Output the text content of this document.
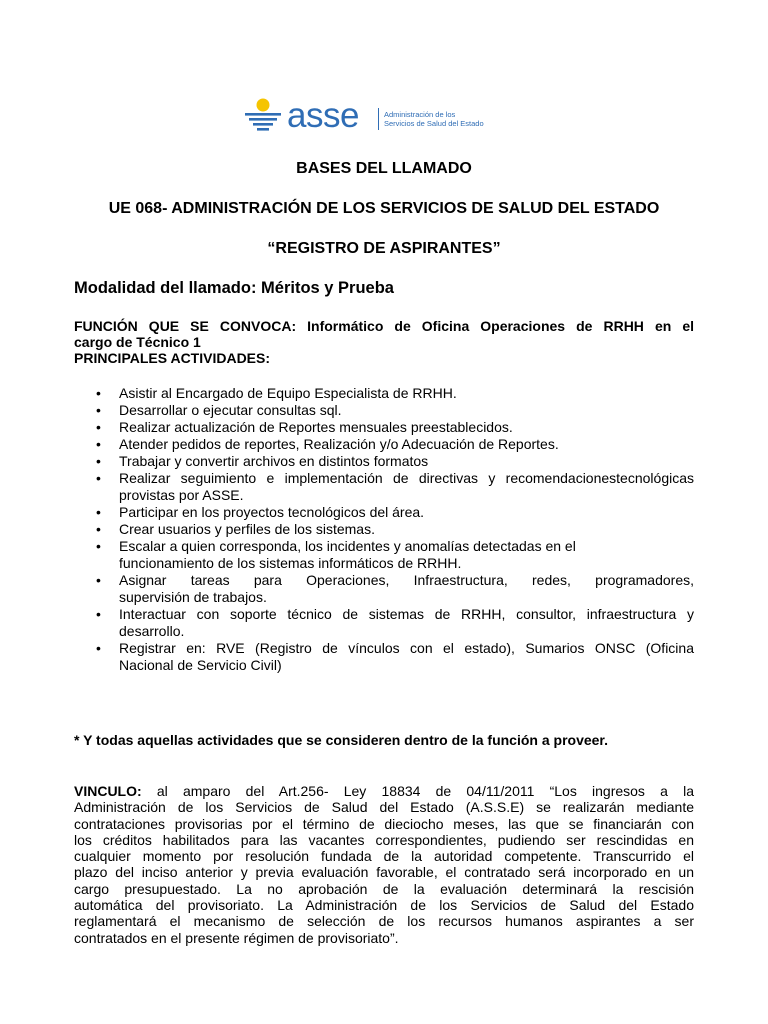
asse	Administración de los
Servicios de Salud del Estado
BASES DEL LLAMADO
UE 068- ADMINISTRACIÓN DE LOS SERVICIOS DE SALUD DEL ESTADO
“REGISTRO DE ASPIRANTES”
Modalidad del llamado: Méritos y Prueba
FUNCIÓN QUE SE CONVOCA: Informático de Oficina Operaciones de RRHH en el
cargo de Técnico 1
PRINCIPALES ACTIVIDADES:
• Asistir al Encargado de Equipo Especialista de RRHH.
• Desarrollar o ejecutar consultas sql.
• Realizar actualización de Reportes mensuales preestablecidos.
• Atender pedidos de reportes, Realización y/o Adecuación de Reportes.
• Trabajar y convertir archivos en distintos formatos
• Realizar seguimiento e implementación de directivas y recomendacionestecnológicas provistas por ASSE.
• Participar en los proyectos tecnológicos del área.
• Crear usuarios y perfiles de los sistemas.
• Escalar a quien corresponda, los incidentes y anomalías detectadas en el
funcionamiento de los sistemas informáticos de RRHH.
• Asignar tareas para Operaciones, Infraestructura, redes, programadores,
supervisión de trabajos.
• Interactuar con soporte técnico de sistemas de RRHH, consultor, infraestructura y
desarrollo.
• Registrar en: RVE (Registro de vínculos con el estado), Sumarios ONSC (Oficina
Nacional de Servicio Civil)
* Y todas aquellas actividades que se consideren dentro de la función a proveer.
VINCULO: al amparo del Art.256- Ley 18834 de 04/11/2011 “Los ingresos a la
Administración de los Servicios de Salud del Estado (A.S.S.E) se realizarán mediante
contrataciones provisorias por el término de dieciocho meses, las que se financiarán con
los créditos habilitados para las vacantes correspondientes, pudiendo ser rescindidas en
cualquier momento por resolución fundada de la autoridad competente. Transcurrido el
plazo del inciso anterior y previa evaluación favorable, el contratado será incorporado en un
cargo presupuestado. La no aprobación de la evaluación determinará la rescisión
automática del provisoriato. La Administración de los Servicios de Salud del Estado
reglamentará el mecanismo de selección de los recursos humanos aspirantes a ser
contratados en el presente régimen de provisoriato”.
